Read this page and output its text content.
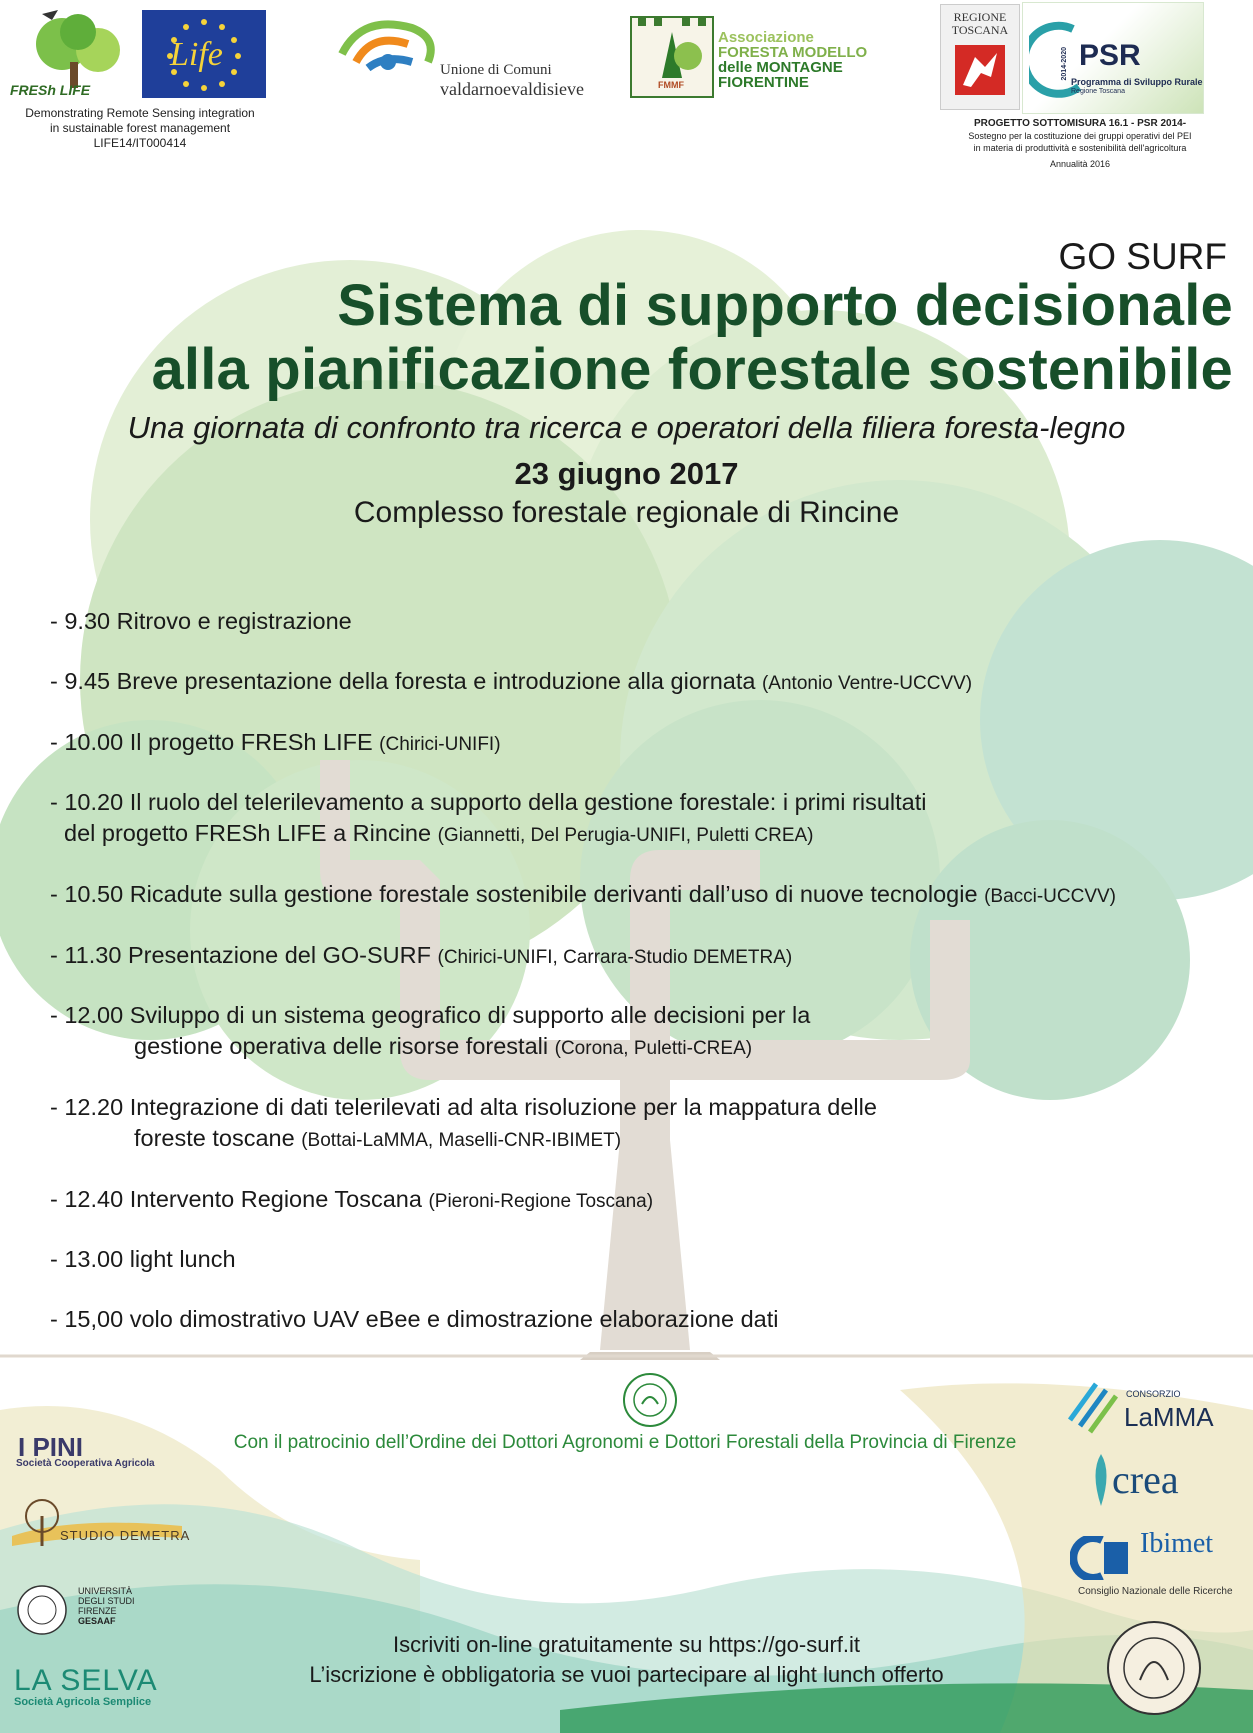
FRESh LIFE
Life
Demonstrating Remote Sensing integration
in sustainable forest management
LIFE14/IT000414
Unione di Comuni
valdarnoevaldisieve	FMMF
Associazione
FORESTA MODELLO
delle MONTAGNE
FIORENTINE
REGIONE
TOSCANA
2014-2020 PSR
Programma di Sviluppo Rurale
Regione Toscana
PROGETTO SOTTOMISURA 16.1 - PSR 2014-
Sostegno per la costituzione dei gruppi operativi del PEI
in materia di produttività e sostenibilità dell'agricoltura
Annualità 2016
GO SURF
Sistema di supporto decisionale
alla pianificazione forestale sostenibile
Una giornata di confronto tra ricerca e operatori della filiera foresta-legno
23 giugno 2017
Complesso forestale regionale di Rincine
- 9.30 Ritrovo e registrazione
- 9.45 Breve presentazione della foresta e introduzione alla giornata (Antonio Ventre-UCCVV)
- 10.00 Il progetto FRESh LIFE (Chirici-UNIFI)
- 10.20 Il ruolo del telerilevamento a supporto della gestione forestale: i primi risultati
del progetto FRESh LIFE a Rincine (Giannetti, Del Perugia-UNIFI, Puletti CREA)
- 10.50 Ricadute sulla gestione forestale sostenibile derivanti dall’uso di nuove tecnologie (Bacci-UCCVV)
- 11.30 Presentazione del GO-SURF (Chirici-UNIFI, Carrara-Studio DEMETRA)
- 12.00 Sviluppo di un sistema geografico di supporto alle decisioni per la
gestione operativa delle risorse forestali (Corona, Puletti-CREA)
- 12.20 Integrazione di dati telerilevati ad alta risoluzione per la mappatura delle
foreste toscane (Bottai-LaMMA, Maselli-CNR-IBIMET)
- 12.40 Intervento Regione Toscana (Pieroni-Regione Toscana)
- 13.00 light lunch
- 15,00 volo dimostrativo UAV eBee e dimostrazione elaborazione dati
Con il patrocinio dell’Ordine dei Dottori Agronomi e Dottori Forestali della Provincia di Firenze
I PINI
Società Cooperativa Agricola
STUDIO DEMETRA
UNIVERSITÀ
DEGLI STUDI
FIRENZE
GESAAF
LA SELVA
Società Agricola Semplice
CONSORZIO
LaMMA
crea
Ibimet
Consiglio Nazionale delle Ricerche
Iscriviti on-line gratuitamente su https://go-surf.it
L’iscrizione è obbligatoria se vuoi partecipare al light lunch offerto
